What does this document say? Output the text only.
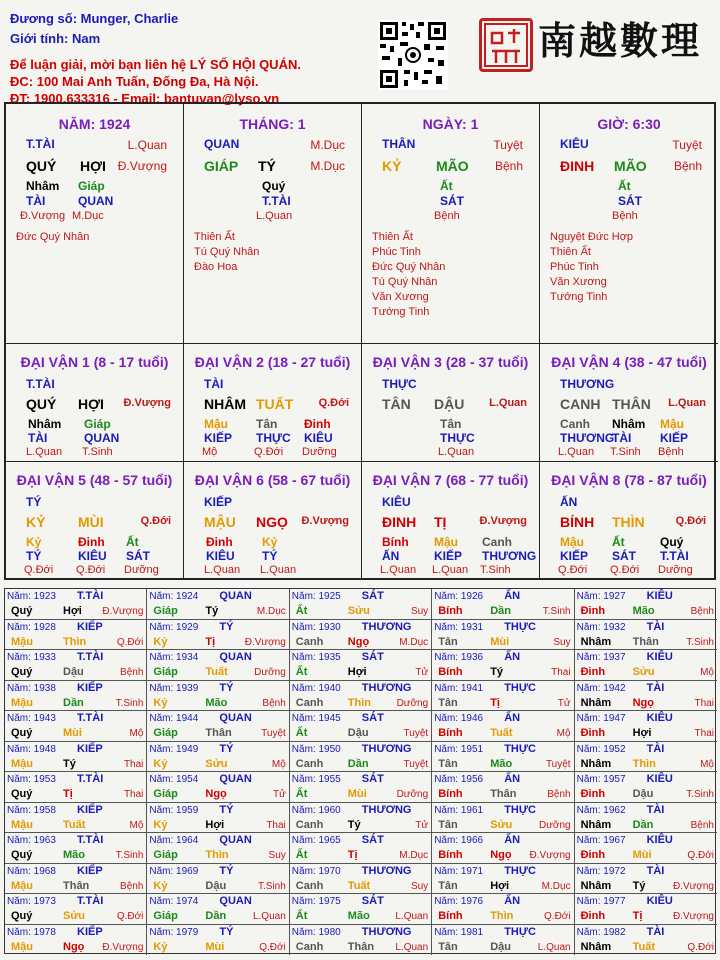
Đương số: Munger, Charlie
Giới tính: Nam
Để luận giải, mời bạn liên hệ LÝ SỐ HỘI QUÁN.
ĐC: 100 Mai Anh Tuấn, Đống Đa, Hà Nội.
ĐT: 1900.633316 - Email: bantuvan@lyso.vn
南越數理
NĂM: 1924
T.TÀI	L.Quan
QUÝ HỢI Đ.Vượng
Nhâm
TÀI
Đ.Vượng
Giáp
QUAN
M.Dục
Đức Quý Nhân
THÁNG: 1
QUAN	M.Dục
GIÁP TÝ	M.Dục
Quý
T.TÀI
L.Quan
Thiên Ất
Tú Quý Nhân
Đào Hoa
NGÀY: 1
THÂN	Tuyệt
KỶ MÃO Bệnh
Ất
SÁT
Bệnh
Thiên Ất
Phúc Tinh
Đức Quý Nhân
Tú Quý Nhân
Văn Xương
Tướng Tinh
GIỜ: 6:30
KIÊU	Tuyệt
ĐINH MÃO Bệnh
Ất
SÁT
Bệnh
Nguyệt Đức Hợp
Thiên Ất
Phúc Tinh
Văn Xương
Tướng Tinh
ĐẠI VẬN 1 (8 - 17 tuổi)
T.TÀI
QUÝ HỢI Đ.Vượng
Nhâm
TÀI
L.Quan
Giáp
QUAN
T.Sinh
ĐẠI VẬN 2 (18 - 27 tuổi)
TÀI
NHÂM TUẤT Q.Đới
Mậu
KIẾP
Mộ
Tân
THỰC
Q.Đới
Đinh
KIÊU
Dưỡng
ĐẠI VẬN 3 (28 - 37 tuổi)
THỰC
TÂN DẬU L.Quan
Tân
THỰC
L.Quan
ĐẠI VẬN 4 (38 - 47 tuổi)
THƯƠNG
CANH THÂN L.Quan
Canh
THƯƠNG
L.Quan
Nhâm
TÀI
T.Sinh
Mậu
KIẾP
Bệnh
ĐẠI VẬN 5 (48 - 57 tuổi)
TÝ
KỶ MÙI	Q.Đới
Kỷ
TÝ
Q.Đới
Đinh
KIÊU
Q.Đới
Ất
SÁT
Dưỡng
ĐẠI VẬN 6 (58 - 67 tuổi)
KIẾP
MẬU NGỌ Đ.Vượng
Đinh
KIÊU
L.Quan
Kỷ
TÝ
L.Quan
ĐẠI VẬN 7 (68 - 77 tuổi)
KIÊU
ĐINH TỊ	Đ.Vượng
Bính
ẤN
L.Quan
Mậu
KIẾP
L.Quan
Canh
THƯƠNG
T.Sinh
ĐẠI VẬN 8 (78 - 87 tuổi)
ẤN
BÍNH THÌN	Q.Đới
Mậu
KIẾP
Q.Đới
Ất
SÁT
Q.Đới
Quý
T.TÀI
Dưỡng
Năm: 1923 T.TÀI
Quý	Hợi Đ.Vượng
Năm: 1924 QUAN
Giáp	Tý	M.Dục
Năm: 1925 SÁT
Ất	Sửu	Suy
Năm: 1926 ẤN
Bính	Dần	T.Sinh
Năm: 1927 KIÊU
Đinh	Mão	Bệnh
Năm: 1928 KIẾP
Mậu	Thìn	Q.Đới
Năm: 1929 TÝ
Kỷ	Tị	Đ.Vượng
Năm: 1930 THƯƠNG
Canh Ngọ	M.Dục
Năm: 1931 THỰC
Tân	Mùi	Suy
Năm: 1932 TÀI
Nhâm Thân	T.Sinh
Năm: 1933 T.TÀI
Quý	Dậu	Bệnh
Năm: 1934 QUAN
Giáp	Tuất	Dưỡng
Năm: 1935 SÁT
Ất	Hợi	Tử
Năm: 1936 ẤN
Bính	Tý	Thai
Năm: 1937 KIÊU
Đinh	Sửu	Mộ
Năm: 1938 KIẾP
Mậu	Dần	T.Sinh
Năm: 1939 TÝ
Kỷ	Mão	Bệnh
Năm: 1940 THƯƠNG
Canh Thìn	Dưỡng
Năm: 1941 THỰC
Tân	Tị	Tử
Năm: 1942 TÀI
Nhâm Ngọ	Thai
Năm: 1943 T.TÀI
Quý	Mùi	Mộ
Năm: 1944 QUAN
Giáp	Thân	Tuyệt
Năm: 1945 SÁT
Ất	Dậu	Tuyệt
Năm: 1946 ẤN
Bính	Tuất	Mộ
Năm: 1947 KIÊU
Đinh	Hợi	Thai
Năm: 1948 KIẾP
Mậu	Tý	Thai
Năm: 1949 TÝ
Kỷ	Sửu	Mộ
Năm: 1950 THƯƠNG
Canh Dần	Tuyệt
Năm: 1951 THỰC
Tân	Mão	Tuyệt
Năm: 1952 TÀI
Nhâm Thìn	Mộ
Năm: 1953 T.TÀI
Quý	Tị	Thai
Năm: 1954 QUAN
Giáp	Ngọ	Tử
Năm: 1955 SÁT
Ất	Mùi	Dưỡng
Năm: 1956 ẤN
Bính	Thân	Bệnh
Năm: 1957 KIÊU
Đinh	Dậu	T.Sinh
Năm: 1958 KIẾP
Mậu	Tuất	Mộ
Năm: 1959 TÝ
Kỷ	Hợi	Thai
Năm: 1960 THƯƠNG
Canh Tý	Tử
Năm: 1961 THỰC
Tân	Sửu	Dưỡng
Năm: 1962 TÀI
Nhâm Dần	Bệnh
Năm: 1963 T.TÀI
Quý	Mão	T.Sinh
Năm: 1964 QUAN
Giáp	Thìn	Suy
Năm: 1965 SÁT
Ất	Tị	M.Dục
Năm: 1966 ẤN
Bính	Ngọ Đ.Vượng
Năm: 1967 KIÊU
Đinh	Mùi	Q.Đới
Năm: 1968 KIẾP
Mậu	Thân	Bệnh
Năm: 1969 TÝ
Kỷ	Dậu	T.Sinh
Năm: 1970 THƯƠNG
Canh Tuất	Suy
Năm: 1971 THỰC
Tân	Hợi	M.Dục
Năm: 1972 TÀI
Nhâm Tý	Đ.Vượng
Năm: 1973 T.TÀI
Quý	Sửu	Q.Đới
Năm: 1974 QUAN
Giáp	Dần	L.Quan
Năm: 1975 SÁT
Ất	Mão	L.Quan
Năm: 1976 ẤN
Bính	Thìn	Q.Đới
Năm: 1977 KIÊU
Đinh	Tị	Đ.Vượng
Năm: 1978 KIẾP
Mậu	Ngọ Đ.Vượng
Năm: 1979 TÝ
Kỷ	Mùi	Q.Đới
Năm: 1980 THƯƠNG
Canh Thân L.Quan
Năm: 1981 THỰC
Tân	Dậu	L.Quan
Năm: 1982 TÀI
Nhâm Tuất	Q.Đới
